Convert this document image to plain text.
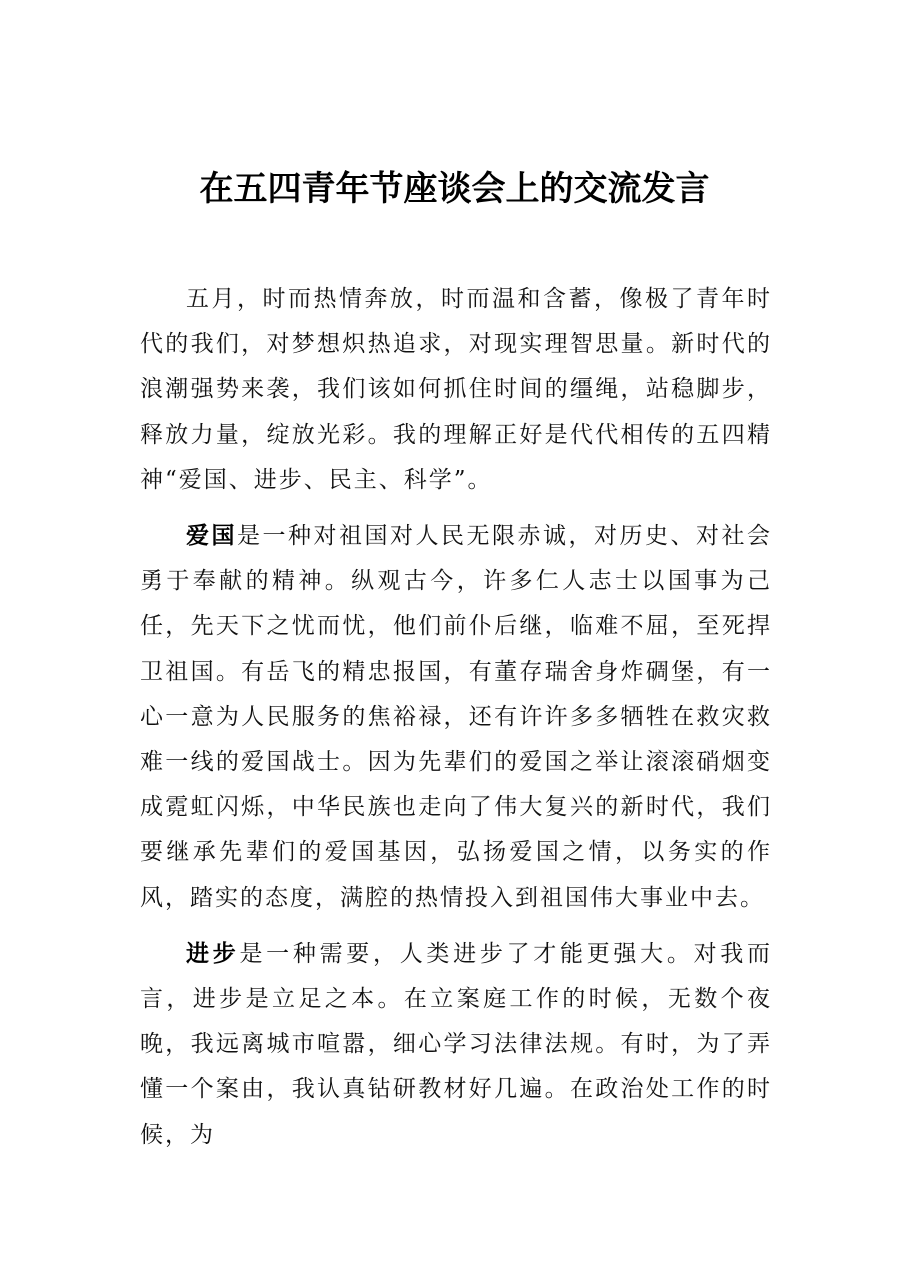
在五四青年节座谈会上的交流发言

五月，时而热情奔放，时而温和含蓄，像极了青年时代的我们，对梦想炽热追求，对现实理智思量。新时代的浪潮强势来袭，我们该如何抓住时间的缰绳，站稳脚步，释放力量，绽放光彩。我的理解正好是代代相传的五四精神“爱国、进步、民主、科学”。

爱国是一种对祖国对人民无限赤诚，对历史、对社会勇于奉献的精神。纵观古今，许多仁人志士以国事为己任，先天下之忧而忧，他们前仆后继，临难不屈，至死捍卫祖国。有岳飞的精忠报国，有董存瑞舍身炸碉堡，有一心一意为人民服务的焦裕禄，还有许许多多牺牲在救灾救难一线的爱国战士。因为先辈们的爱国之举让滚滚硝烟变成霓虹闪烁，中华民族也走向了伟大复兴的新时代，我们要继承先辈们的爱国基因，弘扬爱国之情，以务实的作风，踏实的态度，满腔的热情投入到祖国伟大事业中去。

进步是一种需要，人类进步了才能更强大。对我而言，进步是立足之本。在立案庭工作的时候，无数个夜晚，我远离城市喧嚣，细心学习法律法规。有时，为了弄懂一个案由，我认真钻研教材好几遍。在政治处工作的时候，为
